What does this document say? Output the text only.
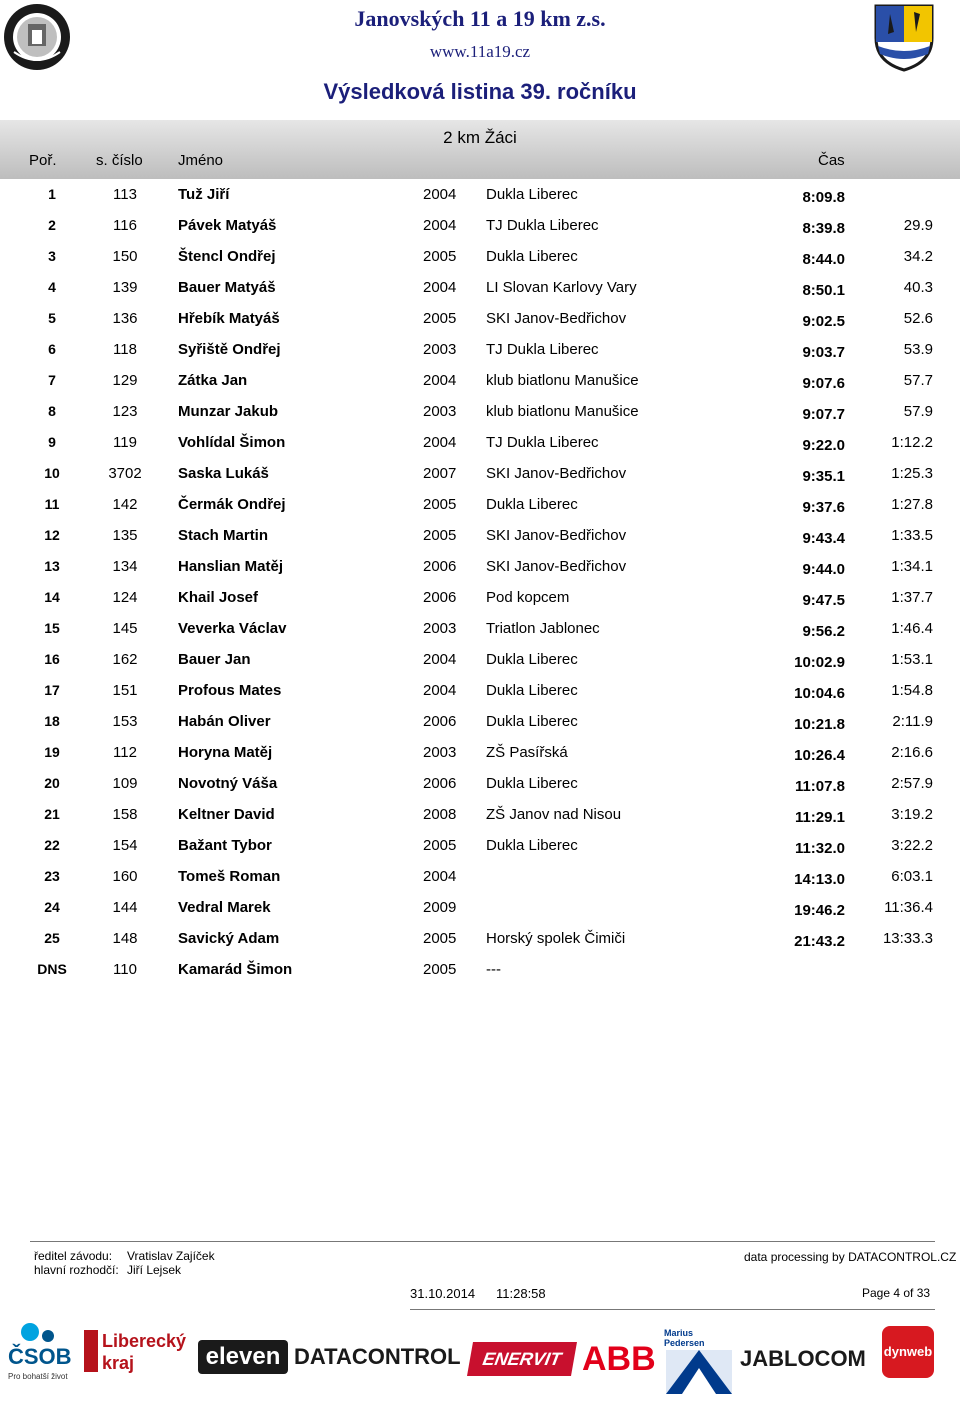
Janovských 11 a 19 km z.s.
www.11a19.cz
Výsledková listina 39. ročníku
2 km Žáci
Poř.	s. číslo Jméno	Čas
1	113	Tuž Jiří	2004 Dukla Liberec	8:09.8
2	116	Pávek Matyáš	2004 TJ Dukla Liberec	8:39.8	29.9
3	150	Štencl Ondřej	2005 Dukla Liberec	8:44.0	34.2
4	139	Bauer Matyáš	2004 LI Slovan Karlovy Vary	8:50.1	40.3
5	136	Hřebík Matyáš	2005 SKI Janov-Bedřichov	9:02.5	52.6
6	118	Syřiště Ondřej	2003 TJ Dukla Liberec	9:03.7	53.9
7	129	Zátka Jan	2004 klub biatlonu Manušice	9:07.6	57.7
8	123	Munzar Jakub	2003 klub biatlonu Manušice	9:07.7	57.9
9	119	Vohlídal Šimon	2004 TJ Dukla Liberec	9:22.0	1:12.2
10	3702	Saska Lukáš	2007 SKI Janov-Bedřichov	9:35.1	1:25.3
11	142	Čermák Ondřej	2005 Dukla Liberec	9:37.6	1:27.8
12	135	Stach Martin	2005 SKI Janov-Bedřichov	9:43.4	1:33.5
13	134	Hanslian Matěj	2006 SKI Janov-Bedřichov	9:44.0	1:34.1
14	124	Khail Josef	2006 Pod kopcem	9:47.5	1:37.7
15	145	Veverka Václav	2003 Triatlon Jablonec	9:56.2	1:46.4
16	162	Bauer Jan	2004 Dukla Liberec	10:02.9	1:53.1
17	151	Profous Mates	2004 Dukla Liberec	10:04.6	1:54.8
18	153	Habán Oliver	2006 Dukla Liberec	10:21.8	2:11.9
19	112	Horyna Matěj	2003 ZŠ Pasířská	10:26.4	2:16.6
20	109	Novotný Váša	2006 Dukla Liberec	11:07.8	2:57.9
21	158	Keltner David	2008 ZŠ Janov nad Nisou	11:29.1	3:19.2
22	154	Bažant Tybor	2005 Dukla Liberec	11:32.0	3:22.2
23	160	Tomeš Roman	2004	14:13.0	6:03.1
24	144	Vedral Marek	2009	19:46.2	11:36.4
25	148	Savický Adam	2005 Horský spolek Čimiči	21:43.2	13:33.3
DNS	110	Kamarád Šimon	2005 ---
ředitel závodu: Vratislav Zajíček
hlavní rozhodčí: Jiří Lejsek
data processing by DATACONTROL.CZ
31.10.2014 11:28:58	Page 4 of 33
ČSOB
Pro bohatší život
Liberecký kraj	eleven DATACONTROL	ENERVIT ABB
Marius Pedersen
JABLOCOM	dynweb
